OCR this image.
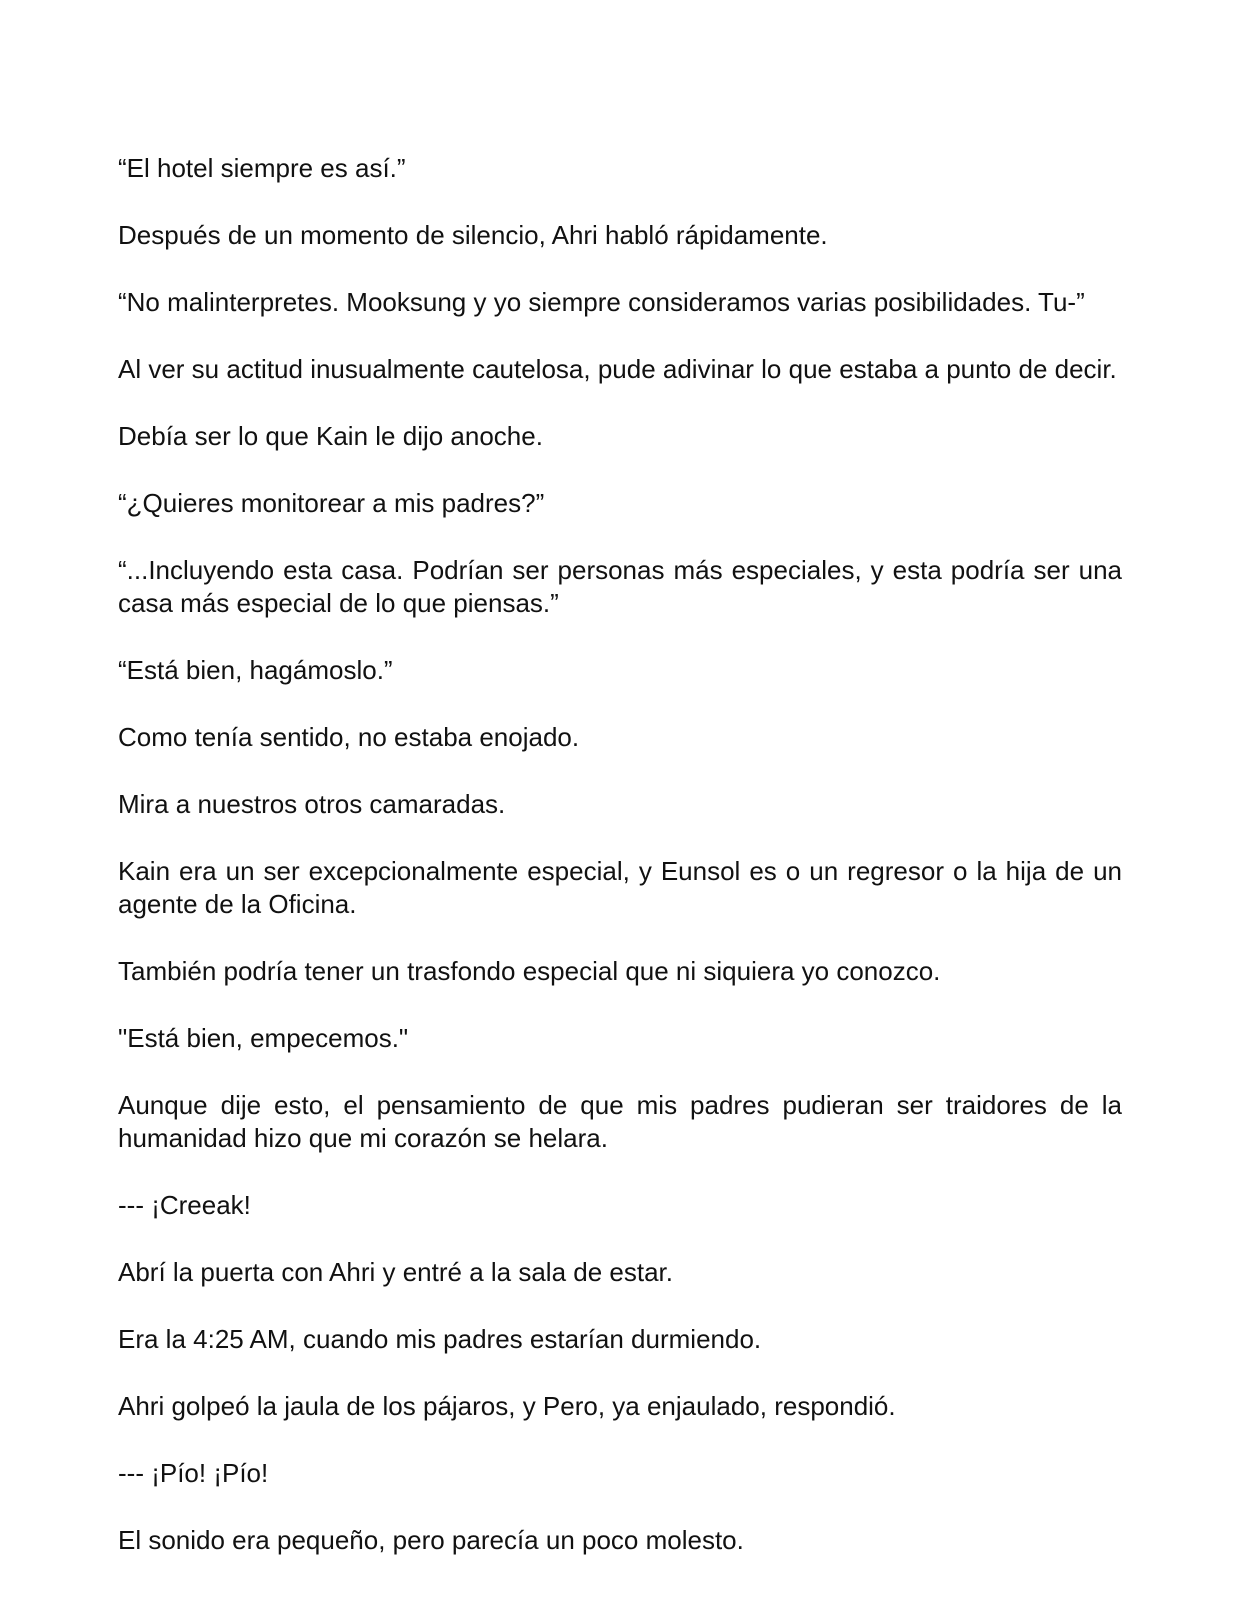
“El hotel siempre es así.”

Después de un momento de silencio, Ahri habló rápidamente.

“No malinterpretes. Mooksung y yo siempre consideramos varias posibilidades. Tu-”

Al ver su actitud inusualmente cautelosa, pude adivinar lo que estaba a punto de decir.

Debía ser lo que Kain le dijo anoche.

“¿Quieres monitorear a mis padres?”

“...Incluyendo esta casa. Podrían ser personas más especiales, y esta podría ser una casa más especial de lo que piensas.”

“Está bien, hagámoslo.”

Como tenía sentido, no estaba enojado.

Mira a nuestros otros camaradas.

Kain era un ser excepcionalmente especial, y Eunsol es o un regresor o la hija de un agente de la Oficina.

También podría tener un trasfondo especial que ni siquiera yo conozco.

"Está bien, empecemos."

Aunque dije esto, el pensamiento de que mis padres pudieran ser traidores de la humanidad hizo que mi corazón se helara.

--- ¡Creeak!

Abrí la puerta con Ahri y entré a la sala de estar.

Era la 4:25 AM, cuando mis padres estarían durmiendo.

Ahri golpeó la jaula de los pájaros, y Pero, ya enjaulado, respondió.

--- ¡Pío! ¡Pío!

El sonido era pequeño, pero parecía un poco molesto.
